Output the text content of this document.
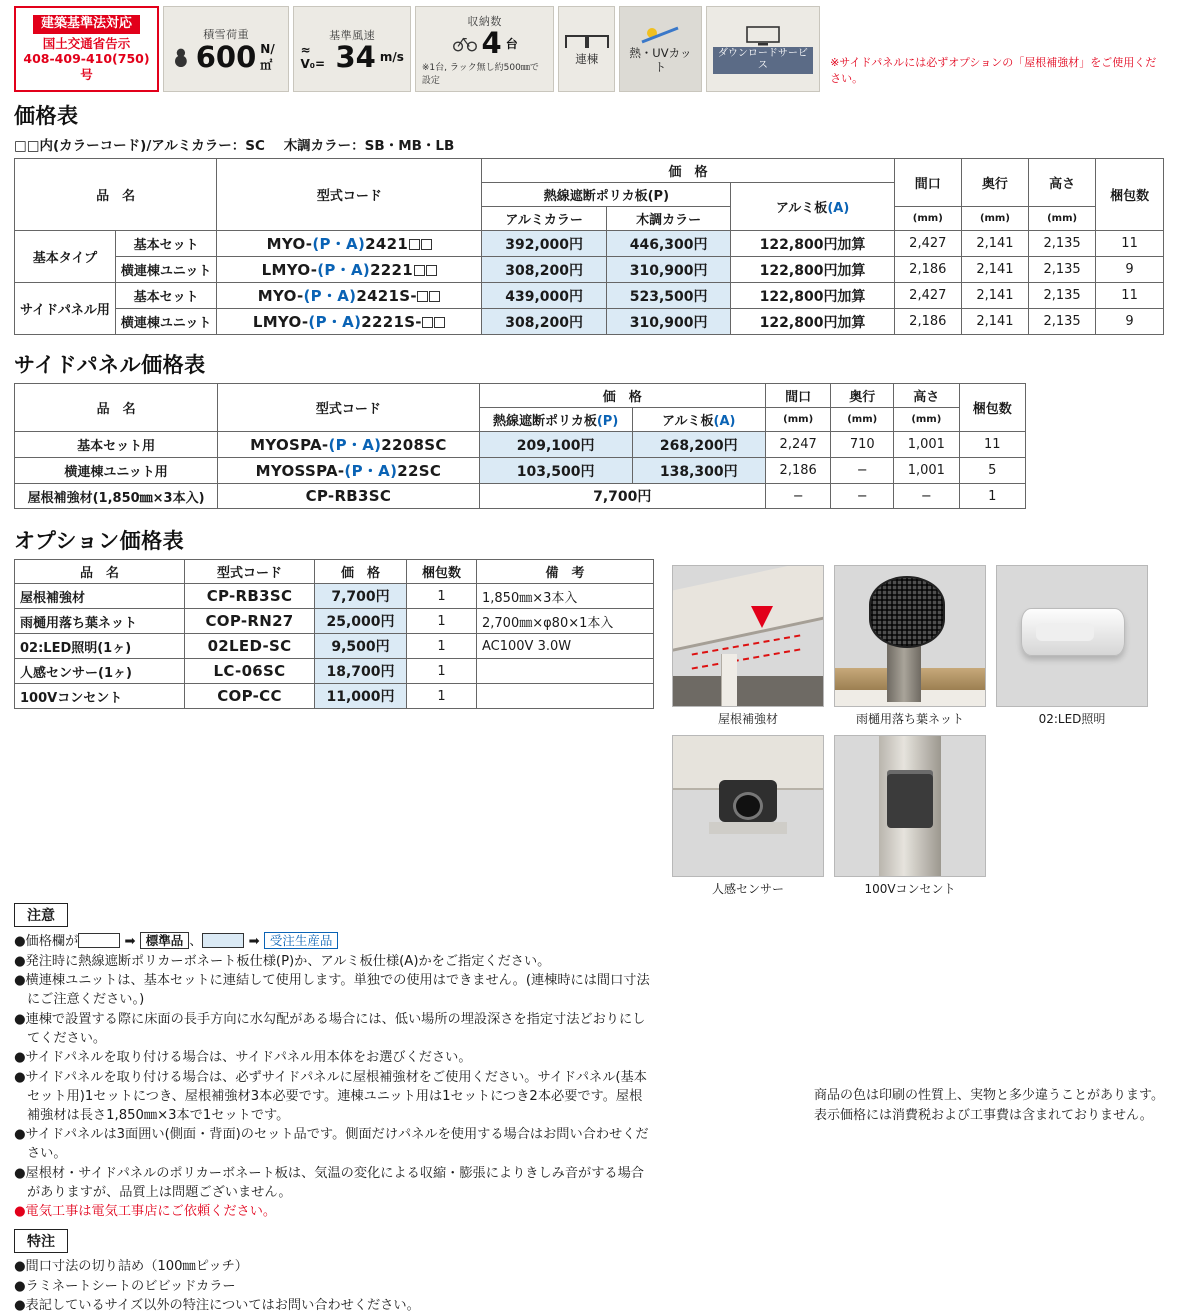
建築基準法対応
国土交通省告示
408-409-410(750)号
積雪荷重
600 N/㎡
基準風速
≈ V₀= 34 m/s
収納数
4 台
※1台, ラック無し約500㎜で設定
連棟	熱・UVカット
ダウンロードサービス	※サイドパネルには必ずオプションの「屋根補強材」をご使用ください。
価格表
□□内(カラーコード)/アルミカラー：SC 木調カラー：SB・MB・LB
品　名		型式コード	価　格			間口	奥行	高さ	梱包数
			熱線遮断ポリカ板(P)		アルミ板(A)				
			アルミカラー	木調カラー		(mm)	(mm)	(mm)	
基本タイプ	基本セット	MYO-(P・A)2421	392,000円	446,300円	122,800円加算	2,427	2,141	2,135	11
	横連棟ユニット	LMYO-(P・A)2221	308,200円	310,900円	122,800円加算	2,186	2,141	2,135	9
サイドパネル用	基本セット	MYO-(P・A)2421S-	439,000円	523,500円	122,800円加算	2,427	2,141	2,135	11
	横連棟ユニット	LMYO-(P・A)2221S-	308,200円	310,900円	122,800円加算	2,186	2,141	2,135	9
サイドパネル価格表
品　名	型式コード	価　格		間口	奥行	高さ	梱包数
		熱線遮断ポリカ板(P)	アルミ板(A)	(mm)	(mm)	(mm)	
基本セット用	MYOSPA-(P・A)2208SC	209,100円	268,200円	2,247	710	1,001	11
横連棟ユニット用	MYOSSPA-(P・A)22SC	103,500円	138,300円	2,186	−	1,001	5
屋根補強材(1,850㎜×3本入)	CP-RB3SC	7,700円		−	−	−	1
オプション価格表
品　名	型式コード	価　格	梱包数	備　考
屋根補強材	CP-RB3SC	7,700円	1	1,850㎜×3本入
雨樋用落ち葉ネット	COP-RN27	25,000円	1	2,700㎜×φ80×1本入
02:LED照明(1ヶ)	02LED-SC	9,500円	1	AC100V 3.0W
人感センサー(1ヶ)	LC-06SC	18,700円	1	
100Vコンセント	COP-CC	11,000円	1	
屋根補強材	雨樋用落ち葉ネット	02:LED照明
人感センサー	100Vコンセント
注意
●価格欄が	➡ 標準品 、	➡ 受注生産品
●発注時に熱線遮断ポリカーボネート板仕様(P)か、アルミ板仕様(A)かをご指定ください。
●横連棟ユニットは、基本セットに連結して使用します。単独での使用はできません。(連棟時には間口寸法にご注意ください。)
●連棟で設置する際に床面の長手方向に水勾配がある場合には、低い場所の埋設深さを指定寸法どおりにしてください。
●サイドパネルを取り付ける場合は、サイドパネル用本体をお選びください。
●サイドパネルを取り付ける場合は、必ずサイドパネルに屋根補強材をご使用ください。サイドパネル(基本セット用)1セットにつき、屋根補強材3本必要です。連棟ユニット用は1セットにつき2本必要です。屋根補強材は長さ1,850㎜×3本で1セットです。
●サイドパネルは3面囲い(側面・背面)のセット品です。側面だけパネルを使用する場合はお問い合わせください。
●屋根材・サイドパネルのポリカーボネート板は、気温の変化による収縮・膨張によりきしみ音がする場合がありますが、品質上は問題ございません。
●電気工事は電気工事店にご依頼ください。
特注
●間口寸法の切り詰め（100㎜ピッチ）
●ラミネートシートのビビッドカラー
●表記しているサイズ以外の特注についてはお問い合わせください。
商品の色は印刷の性質上、実物と多少違うことがあります。
表示価格には消費税および工事費は含まれておりません。
